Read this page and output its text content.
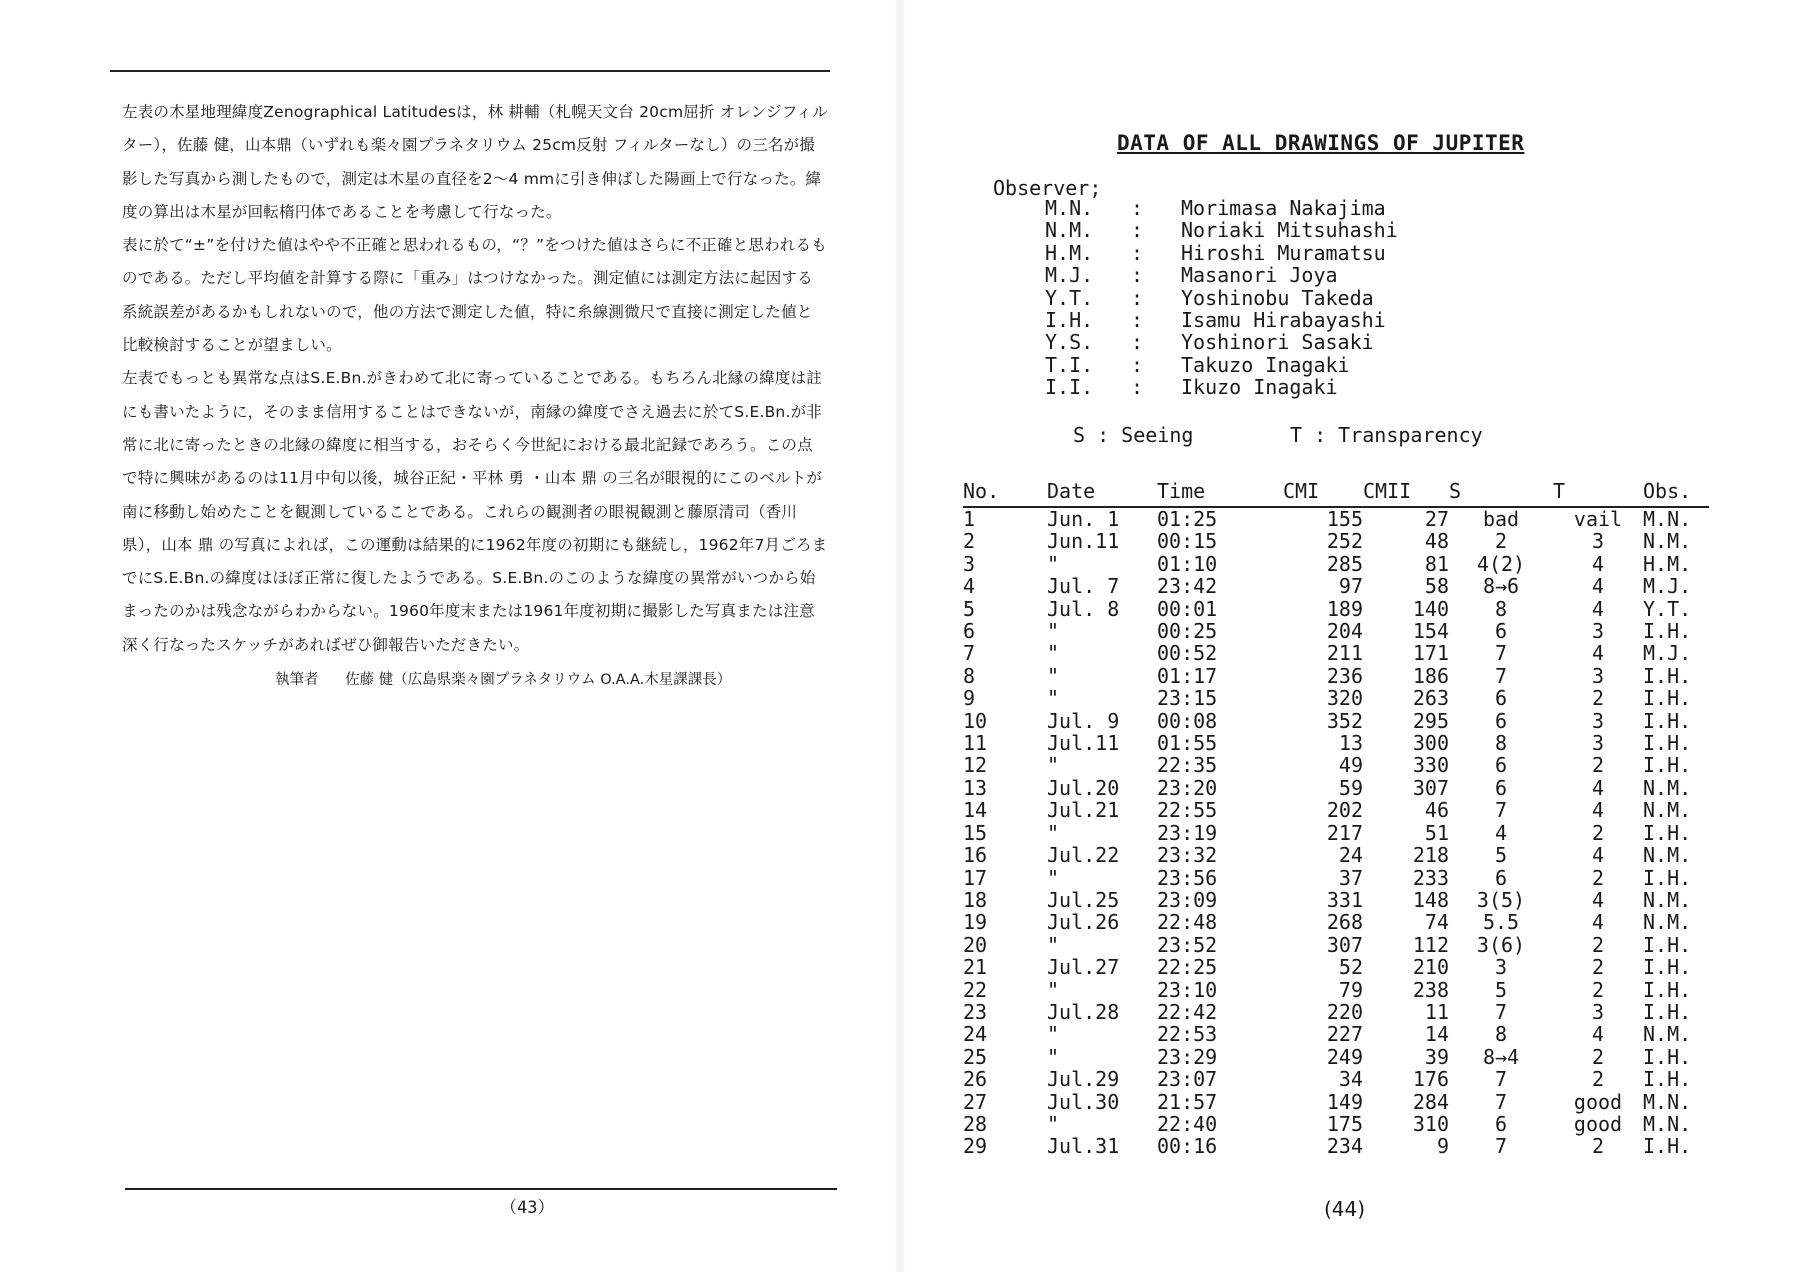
左表の木星地理緯度Zenographical Latitudesは，林 耕輔（札幌天文台 20cm屈折 オレンジフィルター），佐藤 健，山本鼎（いずれも楽々園プラネタリウム 25cm反射 フィルターなし）の三名が撮影した写真から測したもので，測定は木星の直径を2～4 mmに引き伸ばした陽画上で行なった。緯度の算出は木星が回転楕円体であることを考慮して行なった。

表に於て“±”を付けた値はやや不正確と思われるもの，“？”をつけた値はさらに不正確と思われるものである。ただし平均値を計算する際に「重み」はつけなかった。測定値には測定方法に起因する系統誤差があるかもしれないので，他の方法で測定した値，特に糸線測微尺で直接に測定した値と比較検討することが望ましい。

左表でもっとも異常な点はS.E.Bn.がきわめて北に寄っていることである。もちろん北縁の緯度は註にも書いたように，そのまま信用することはできないが，南縁の緯度でさえ過去に於てS.E.Bn.が非常に北に寄ったときの北縁の緯度に相当する，おそらく今世紀における最北記録であろう。この点で特に興味があるのは11月中旬以後，城谷正紀・平林 勇 ・山本 鼎 の三名が眼視的にこのベルトが南に移動し始めたことを観測していることである。これらの観測者の眼視観測と藤原清司（香川県），山本 鼎 の写真によれば，この運動は結果的に1962年度の初期にも継続し，1962年7月ごろまでにS.E.Bn.の緯度はほぼ正常に復したようである。S.E.Bn.のこのような緯度の異常がいつから始まったのかは残念ながらわからない。1960年度末または1961年度初期に撮影した写真または注意深く行なったスケッチがあればぜひ御報告いただきたい。

執筆者 佐藤 健（広島県楽々園プラネタリウム O.A.A.木星課課長）
（43）
DATA OF ALL DRAWINGS OF JUPITER
Observer;
M.N.	:	Morimasa Nakajima
N.M.	:	Noriaki Mitsuhashi
H.M.	:	Hiroshi Muramatsu
M.J.	:	Masanori Joya
Y.T.	:	Yoshinobu Takeda
I.H.	:	Isamu Hirabayashi
Y.S.	:	Yoshinori Sasaki
T.I.	:	Takuzo Inagaki
I.I.	:	Ikuzo Inagaki
S : Seeing	T : Transparency
No.	Date	Time	CMI	CMII	S	T	Obs.
1	Jun. 1	01:25	155	27	bad	vail	M.N.
2	Jun.11	00:15	252	48	2	3	N.M.
3	"	01:10	285	81	4(2)	4	H.M.
4	Jul. 7	23:42	97	58	8→6	4	M.J.
5	Jul. 8	00:01	189	140	8	4	Y.T.
6	"	00:25	204	154	6	3	I.H.
7	"	00:52	211	171	7	4	M.J.
8	"	01:17	236	186	7	3	I.H.
9	"	23:15	320	263	6	2	I.H.
10	Jul. 9	00:08	352	295	6	3	I.H.
11	Jul.11	01:55	13	300	8	3	I.H.
12	"	22:35	49	330	6	2	I.H.
13	Jul.20	23:20	59	307	6	4	N.M.
14	Jul.21	22:55	202	46	7	4	N.M.
15	"	23:19	217	51	4	2	I.H.
16	Jul.22	23:32	24	218	5	4	N.M.
17	"	23:56	37	233	6	2	I.H.
18	Jul.25	23:09	331	148	3(5)	4	N.M.
19	Jul.26	22:48	268	74	5.5	4	N.M.
20	"	23:52	307	112	3(6)	2	I.H.
21	Jul.27	22:25	52	210	3	2	I.H.
22	"	23:10	79	238	5	2	I.H.
23	Jul.28	22:42	220	11	7	3	I.H.
24	"	22:53	227	14	8	4	N.M.
25	"	23:29	249	39	8→4	2	I.H.
26	Jul.29	23:07	34	176	7	2	I.H.
27	Jul.30	21:57	149	284	7	good	M.N.
28	"	22:40	175	310	6	good	M.N.
29	Jul.31	00:16	234	9	7	2	I.H.
(44)
